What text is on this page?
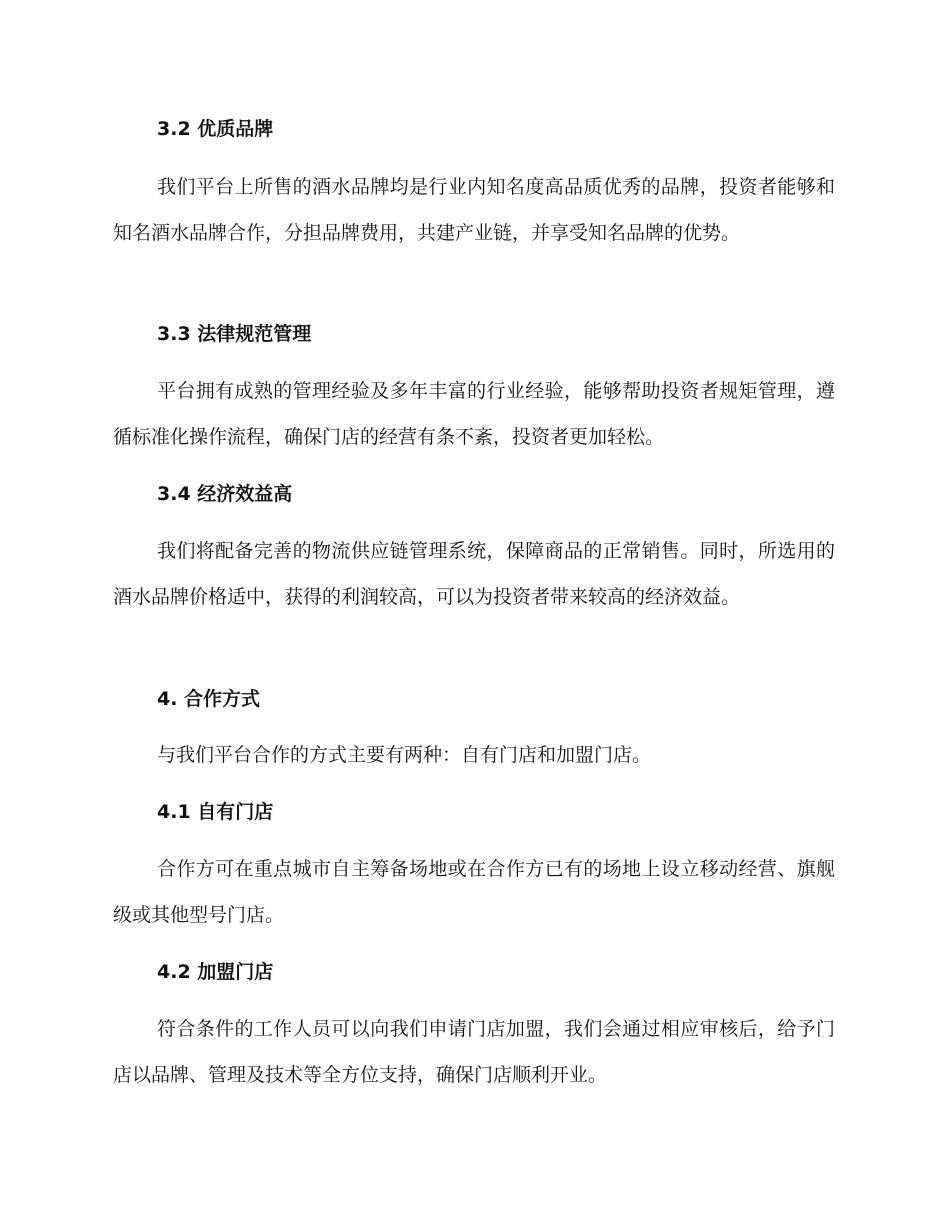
3.2 优质品牌

我们平台上所售的酒水品牌均是行业内知名度高品质优秀的品牌，投资者能够和知名酒水品牌合作，分担品牌费用，共建产业链，并享受知名品牌的优势。

3.3 法律规范管理

平台拥有成熟的管理经验及多年丰富的行业经验，能够帮助投资者规矩管理，遵循标准化操作流程，确保门店的经营有条不紊，投资者更加轻松。

3.4 经济效益高

我们将配备完善的物流供应链管理系统，保障商品的正常销售。同时，所选用的酒水品牌价格适中，获得的利润较高，可以为投资者带来较高的经济效益。

4. 合作方式

与我们平台合作的方式主要有两种：自有门店和加盟门店。

4.1 自有门店

合作方可在重点城市自主筹备场地或在合作方已有的场地上设立移动经营、旗舰级或其他型号门店。

4.2 加盟门店

符合条件的工作人员可以向我们申请门店加盟，我们会通过相应审核后，给予门店以品牌、管理及技术等全方位支持，确保门店顺利开业。
